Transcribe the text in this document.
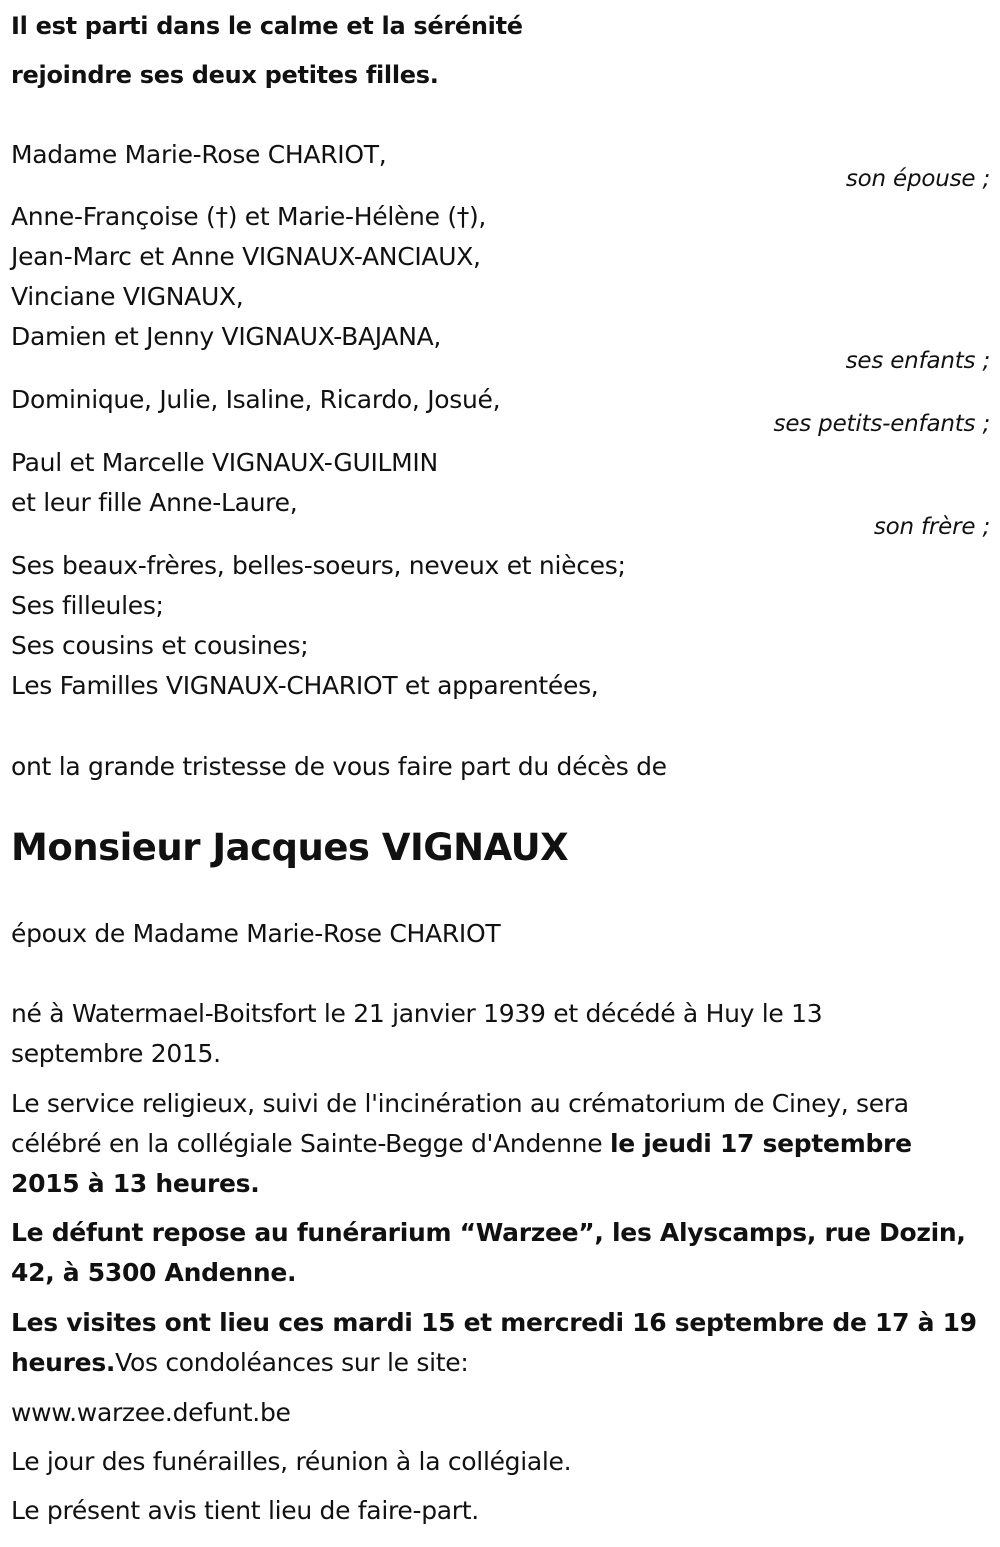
Il est parti dans le calme et la sérénité
rejoindre ses deux petites filles.
Madame Marie-Rose CHARIOT,
son épouse ;
Anne-Françoise (†) et Marie-Hélène (†),
Jean-Marc et Anne VIGNAUX-ANCIAUX,
Vinciane VIGNAUX,
Damien et Jenny VIGNAUX-BAJANA,
ses enfants ;
Dominique, Julie, Isaline, Ricardo, Josué,
ses petits-enfants ;
Paul et Marcelle VIGNAUX-GUILMIN
et leur fille Anne-Laure,
son frère ;
Ses beaux-frères, belles-soeurs, neveux et nièces;
Ses filleules;
Ses cousins et cousines;
Les Familles VIGNAUX-CHARIOT et apparentées,
ont la grande tristesse de vous faire part du décès de
Monsieur Jacques VIGNAUX
époux de Madame Marie-Rose CHARIOT
né à Watermael-Boitsfort le 21 janvier 1939 et décédé à Huy le 13
septembre 2015.
Le service religieux, suivi de l'incinération au crématorium de Ciney, sera
célébré en la collégiale Sainte-Begge d'Andenne le jeudi 17 septembre
2015 à 13 heures.
Le défunt repose au funérarium “Warzee”, les Alyscamps, rue Dozin,
42, à 5300 Andenne.
Les visites ont lieu ces mardi 15 et mercredi 16 septembre de 17 à 19
heures.Vos condoléances sur le site:
www.warzee.defunt.be
Le jour des funérailles, réunion à la collégiale.
Le présent avis tient lieu de faire-part.
